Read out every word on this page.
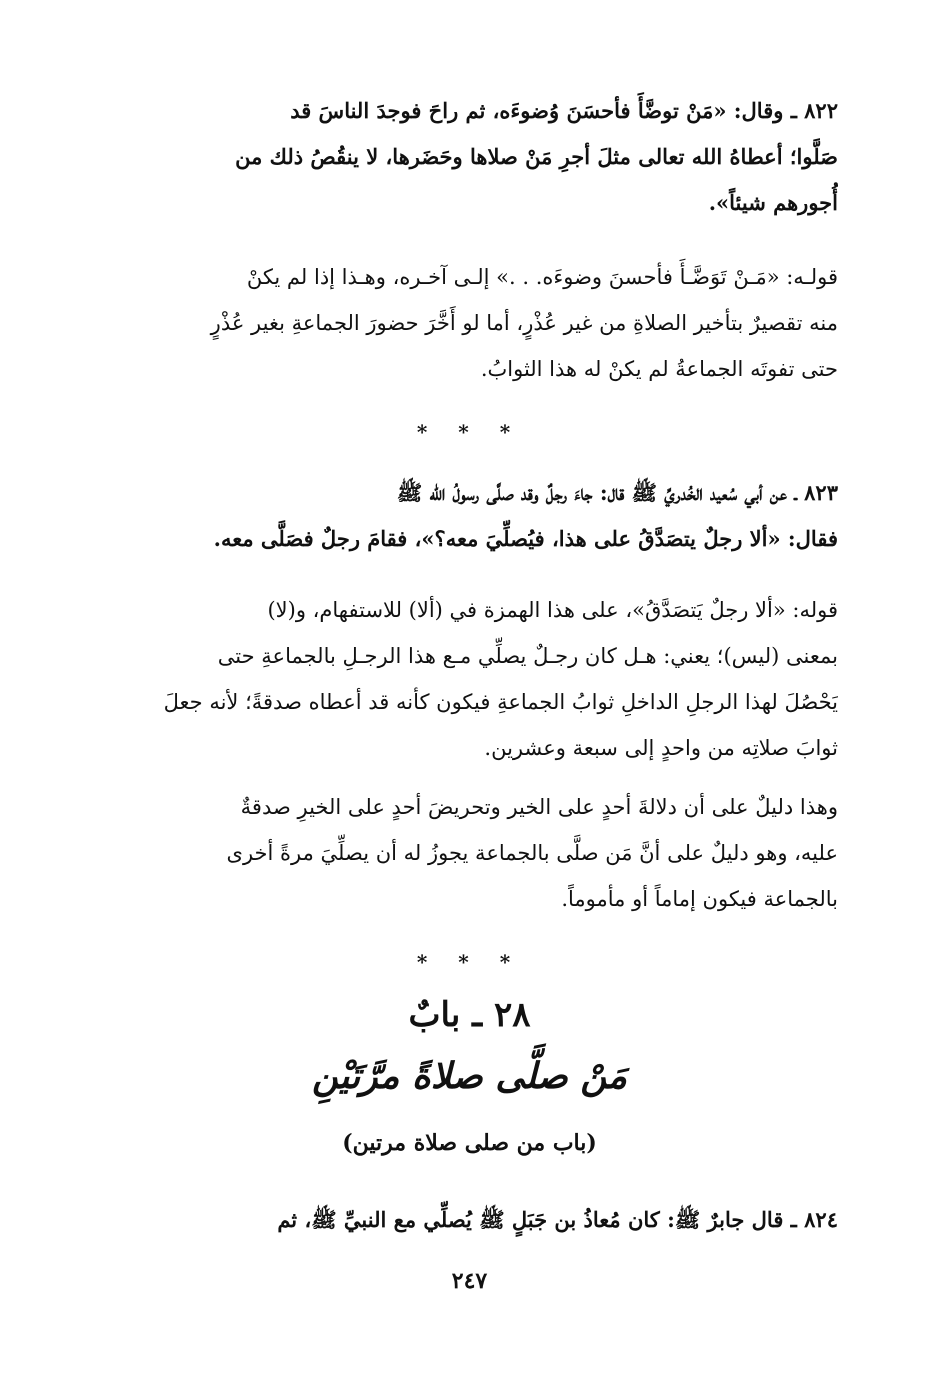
٨٢٢ ـ وقال: «مَنْ توضَّأَ فأحسَنَ وُضوءَه، ثم راحَ فوجدَ الناسَ قد
صَلَّوا؛ أعطاهُ الله تعالى مثلَ أجرِ مَنْ صلاها وحَضَرها، لا ينقُصُ ذلك من
أُجورهم شيئاً».
قولـه: «مَـنْ تَوَضَّـأَ فأحسنَ وضوءَه. . .» إلـى آخـره، وهـذا إذا لم يكنْ
منه تقصيرٌ بتأخير الصلاةِ من غير عُذْرٍ، أما لو أَخَّرَ حضورَ الجماعةِ بغير عُذْرٍ
حتى تفوتَه الجماعةُ لم يكنْ له هذا الثوابُ.
* * *
٨٢٣ ـ عن أبي سُعيد الخُدريِّ ﷺ قال: جاءَ رجلٌ وقد صلَّى رسولُ الله ﷺ
فقال: «ألا رجلٌ يتصَدَّقُ على هذا، فيُصلِّيَ معه؟»، فقامَ رجلٌ فصَلَّى معه.
قوله: «ألا رجلٌ يَتصَدَّقُ»، على هذا الهمزة في (ألا) للاستفهام، و(لا)
بمعنى (ليس)؛ يعني: هـل كان رجـلٌ يصلِّي مـع هذا الرجـلِ بالجماعةِ حتى
يَحْصُلَ لهذا الرجلِ الداخلِ ثوابُ الجماعةِ فيكون كأنه قد أعطاه صدقةً؛ لأنه جعلَ
ثوابَ صلاتِه من واحدٍ إلى سبعة وعشرين.
وهذا دليلٌ على أن دلالةَ أحدٍ على الخير وتحريضَ أحدٍ على الخيرِ صدقةٌ
عليه، وهو دليلٌ على أنَّ مَن صلَّى بالجماعة يجوزُ له أن يصلِّيَ مرةً أخرى
بالجماعة فيكون إماماً أو مأموماً.
* * *
٢٨ ـ بابٌ
مَنْ صلَّى صلاةً مرَّتَيْنِ
(باب من صلى صلاة مرتين)
٨٢٤ ـ قال جابرٌ ﷺ: كان مُعاذُ بن جَبَلٍ ﷺ يُصلِّي مع النبيِّ ﷺ، ثم
٢٤٧
